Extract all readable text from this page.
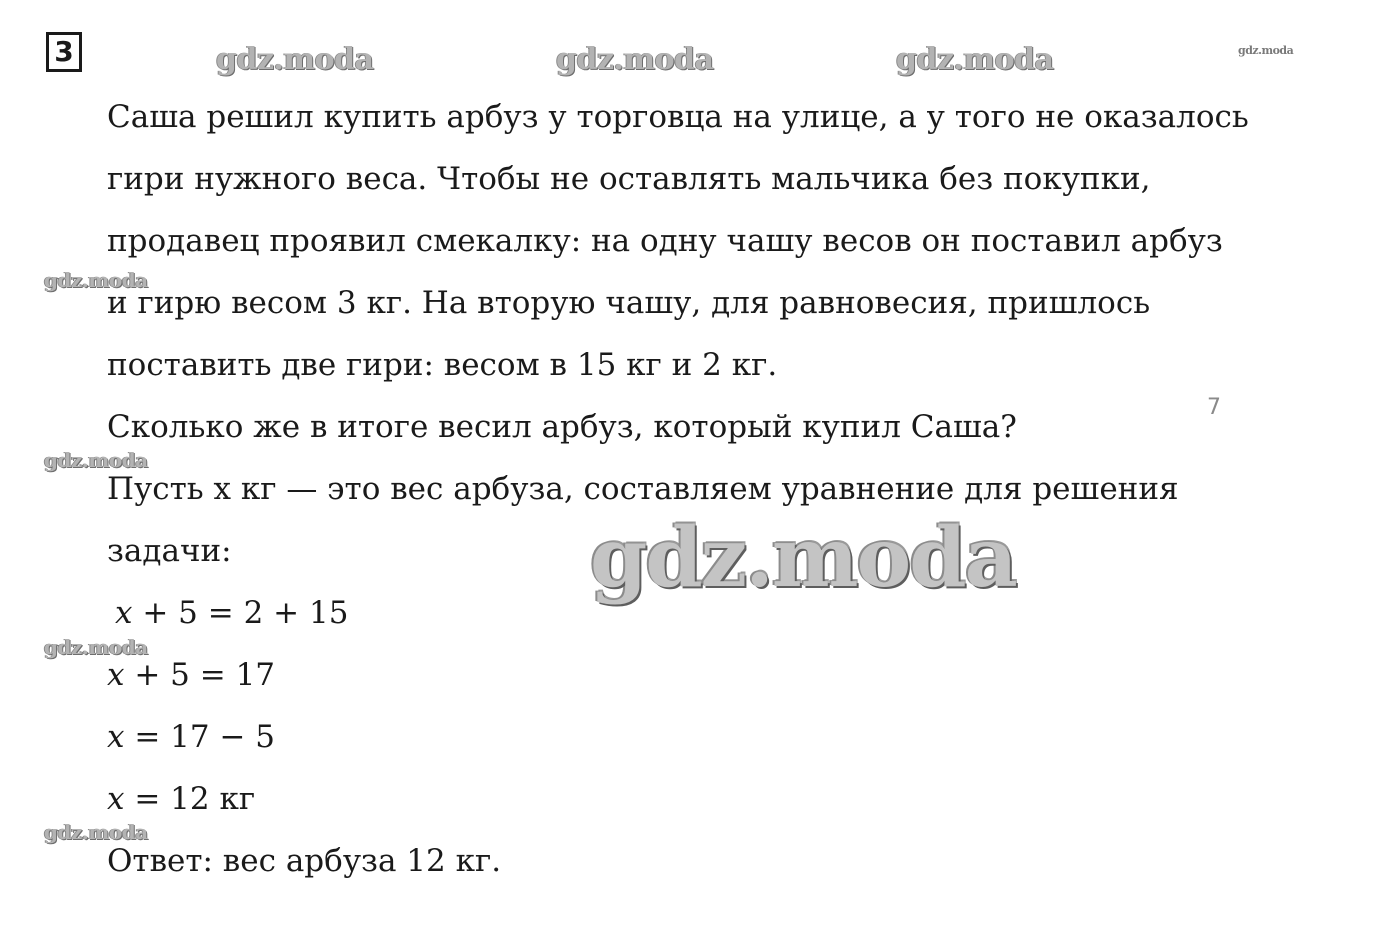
3	gdz.moda	gdz.moda	gdz.moda	gdz.moda
gdz.moda
gdz.moda
gdz.moda
gdz.moda
7
Саша решил купить арбуз у торговца на улице, а у того не оказалось
гири нужного веса. Чтобы не оставлять мальчика без покупки,
продавец проявил смекалку: на одну чашу весов он поставил арбуз
и гирю весом 3 кг. На вторую чашу, для равновесия, пришлось
поставить две гири: весом в 15 кг и 2 кг.
Сколько же в итоге весил арбуз, который купил Саша?
Пусть х кг — это вес арбуза, составляем уравнение для решения
задачи:
x + 5 = 2 + 15
x + 5 = 17
x = 17 − 5
x = 12 кг
Ответ: вес арбуза 12 кг.
gdz.moda
